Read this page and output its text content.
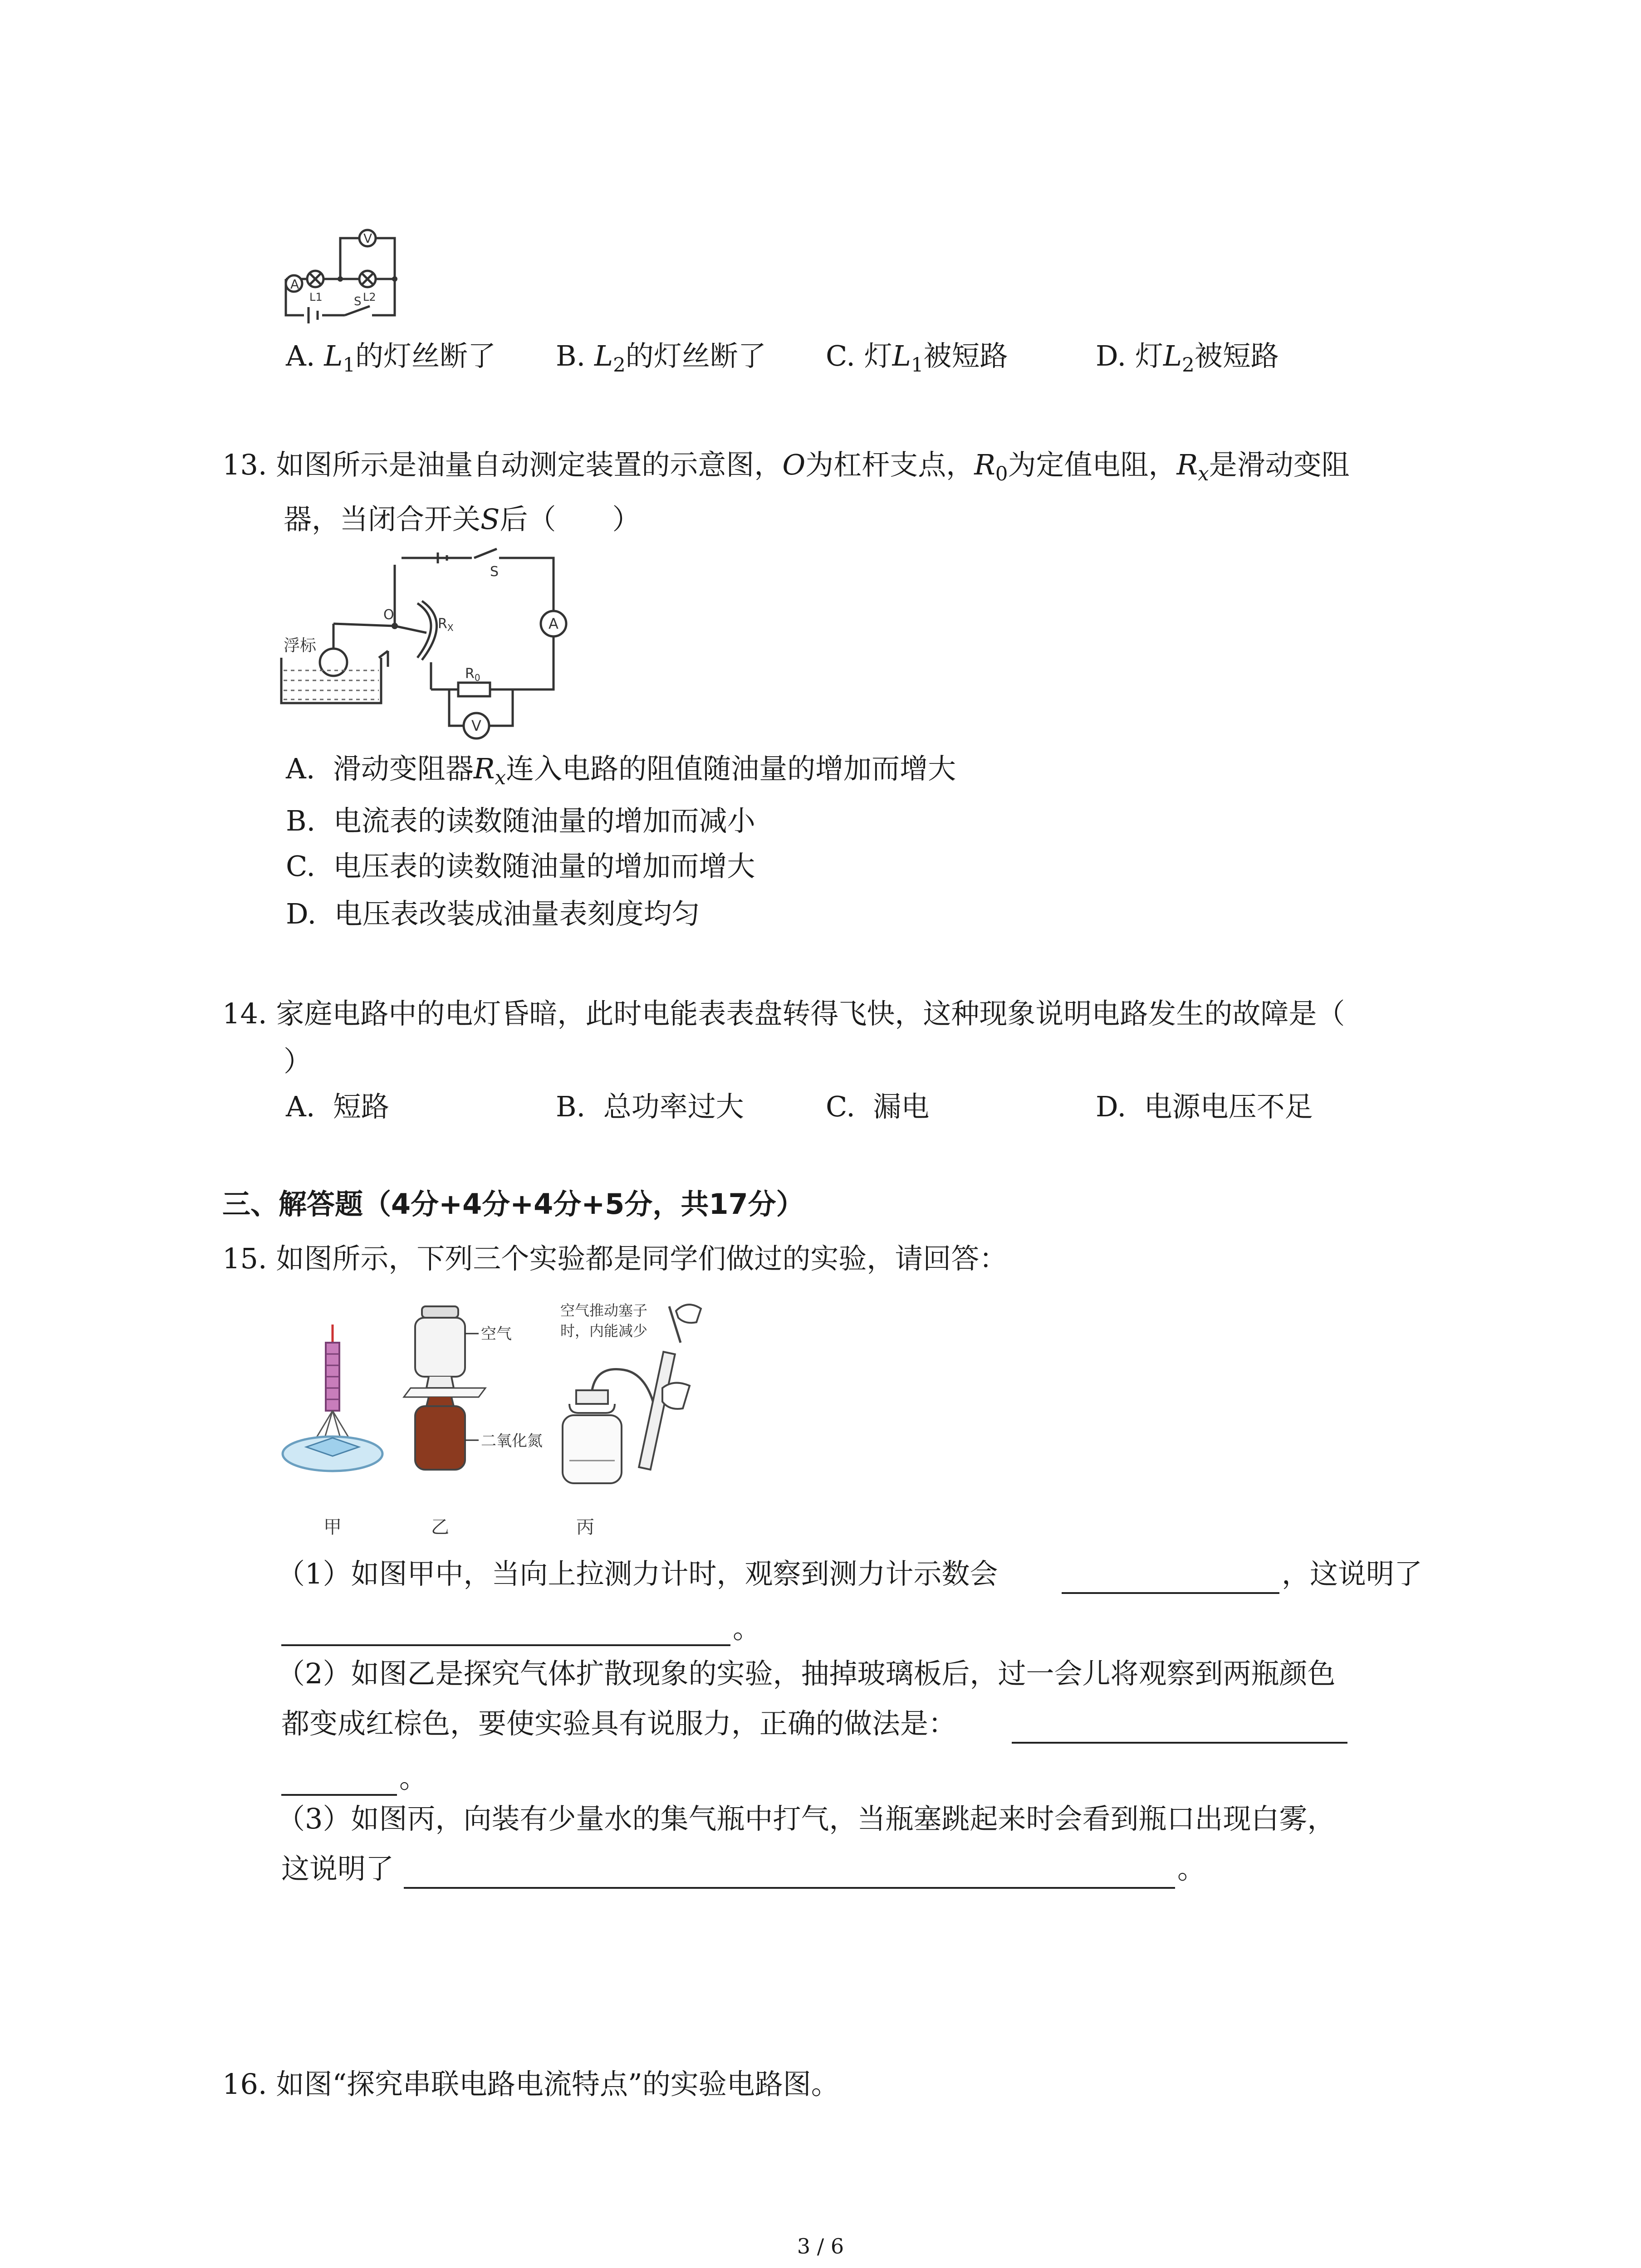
A
L1	L2
V
S
A. $L_1$的灯丝断了 B. $L_2$的灯丝断了 C. 灯$L_1$被短路	D. 灯$L_2$被短路
13. 如图所示是油量自动测定装置的示意图，O为杠杆支点，$R_0$为定值电阻，$R_x$是滑动变阻
器，当闭合开关S后（　　）
S
A
$R_0$
V
$R_X$
O
浮标
A. 滑动变阻器$R_x$连入电路的阻值随油量的增加而增大
B. 电流表的读数随油量的增加而减小
C. 电压表的读数随油量的增加而增大
D. 电压表改装成油量表刻度均匀
14. 家庭电路中的电灯昏暗，此时电能表表盘转得飞快，这种现象说明电路发生的故障是（
）
A. 短路	B. 总功率过大	C. 漏电	D. 电源电压不足
三、解答题（4分+4分+4分+5分，共17分）
15. 如图所示，下列三个实验都是同学们做过的实验，请回答：
甲
空气
二氧化氮
乙
空气推动塞子
时，内能减少
丙
（1）如图甲中，当向上拉测力计时，观察到测力计示数会	，这说明了
。
（2）如图乙是探究气体扩散现象的实验，抽掉玻璃板后，过一会儿将观察到两瓶颜色
都变成红棕色，要使实验具有说服力，正确的做法是：
。
（3）如图丙，向装有少量水的集气瓶中打气，当瓶塞跳起来时会看到瓶口出现白雾，
这说明了	。
16. 如图“探究串联电路电流特点”的实验电路图。
3 / 6
